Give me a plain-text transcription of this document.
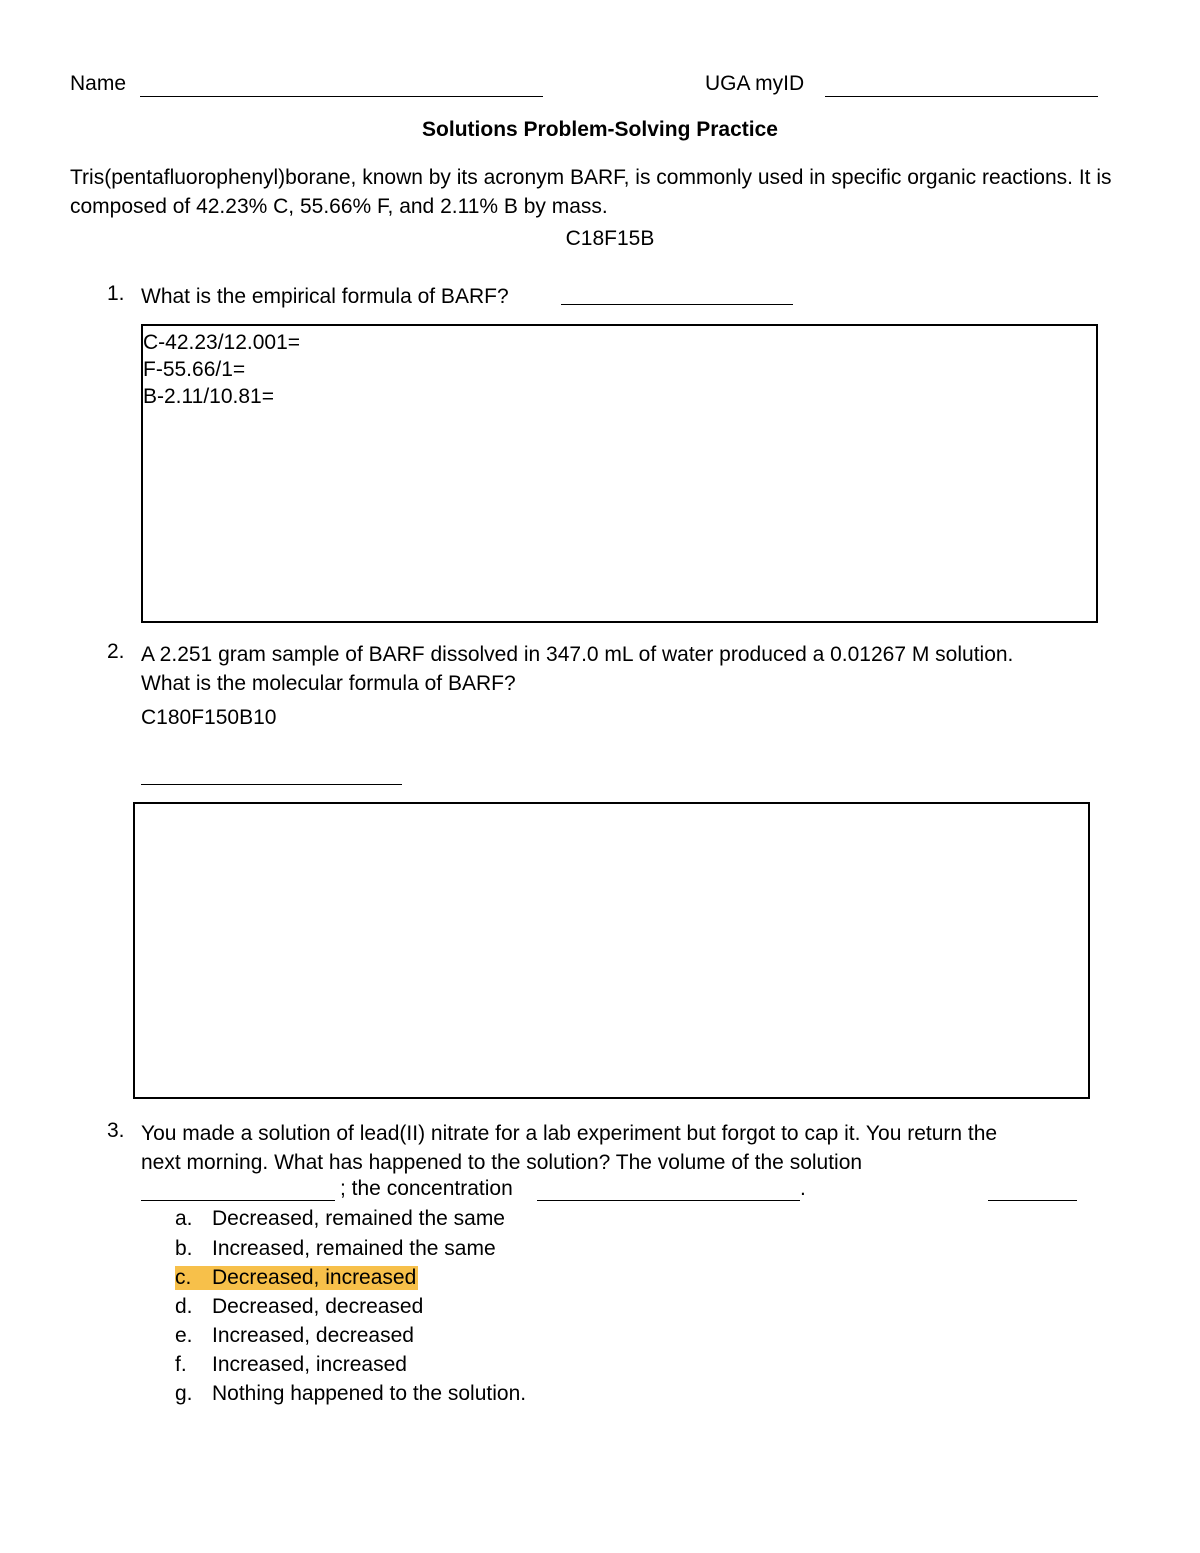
Name	UGA myID
Solutions Problem-Solving Practice
Tris(pentafluorophenyl)borane, known by its acronym BARF, is commonly used in specific organic reactions. It is composed of 42.23% C, 55.66% F, and 2.11% B by mass.
C18F15B
1. What is the empirical formula of BARF?
C-42.23/12.001=
F-55.66/1=
B-2.11/10.81=
2. A 2.251 gram sample of BARF dissolved in 347.0 mL of water produced a 0.01267 M solution.
What is the molecular formula of BARF?
C180F150B10
3. You made a solution of lead(II) nitrate for a lab experiment but forgot to cap it. You return the
next morning. What has happened to the solution? The volume of the solution
; the concentration	.
a. Decreased, remained the same
b. Increased, remained the same
c. Decreased, increased
d. Decreased, decreased
e. Increased, decreased
f. Increased, increased
g. Nothing happened to the solution.
